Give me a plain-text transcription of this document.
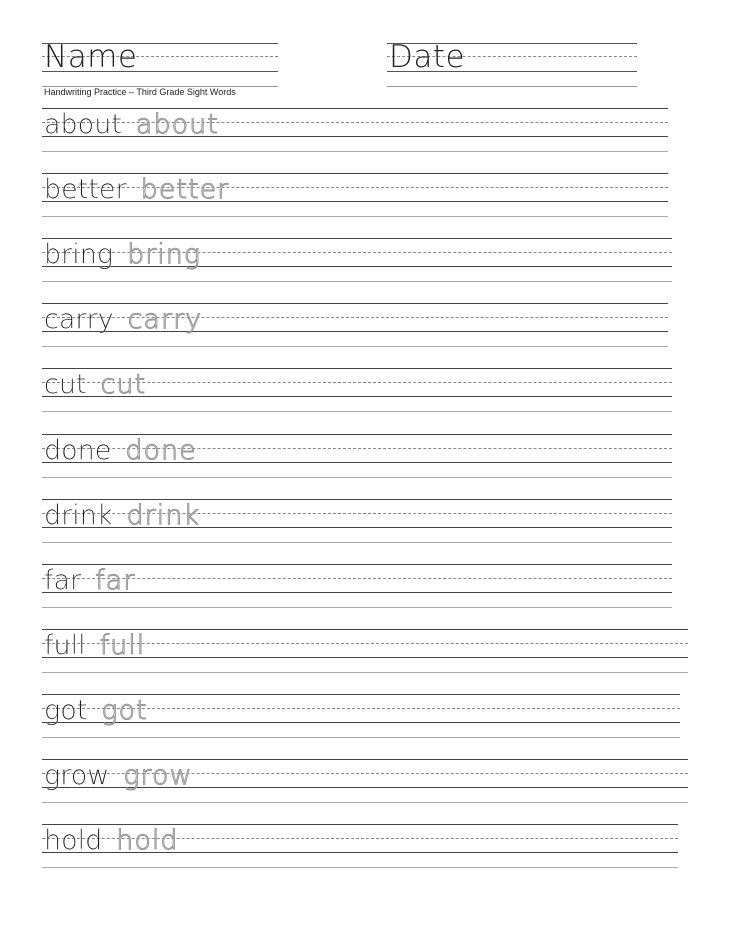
Name	Date
Handwriting Practice – Third Grade Sight Words
about about
better better
bring bring
carry carry
cut cut
done done
drink drink
far far
full full
got got
grow grow
hold hold
